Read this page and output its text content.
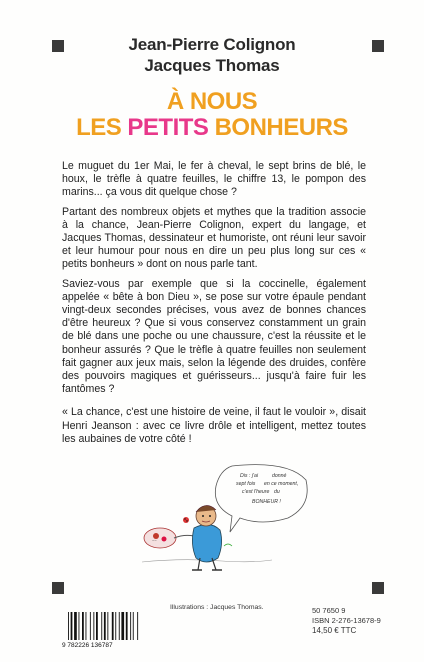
Jean-Pierre Colignon
Jacques Thomas
À NOUS
LES PETITS BONHEURS

Le muguet du 1er Mai, le fer à cheval, le sept brins de blé, le houx, le trèfle à quatre feuilles, le chiffre 13, le pompon des marins... ça vous dit quelque chose ?

Partant des nombreux objets et mythes que la tradition associe à la chance, Jean-Pierre Colignon, expert du langage, et Jacques Thomas, dessinateur et humoriste, ont réuni leur savoir et leur humour pour nous en dire un peu plus long sur ces « petits bonheurs » dont on nous parle tant.

Saviez-vous par exemple que si la coccinelle, également appelée « bête à bon Dieu », se pose sur votre épaule pendant vingt-deux secondes précises, vous avez de bonnes chances d'être heureux ? Que si vous conservez constamment un grain de blé dans une poche ou une chaussure, c'est la réussite et le bonheur assurés ? Que le trèfle à quatre feuilles non seulement fait gagner aux jeux mais, selon la légende des druides, confère des pouvoirs magiques et guérisseurs... jusqu'à faire fuir les fantômes ?

« La chance, c'est une histoire de veine, il faut le vouloir », disait Henri Jeanson : avec ce livre drôle et intelligent, mettez toutes les aubaines de votre côté !

Dis : j'ai	donné
sept fois en ce moment,
c'est l'heure du
BONHEUR !
~~
Illustrations : Jacques Thomas.	50 7650 9
ISBN 2-276-13678-9
14,50 € TTC
9 782226 136787
